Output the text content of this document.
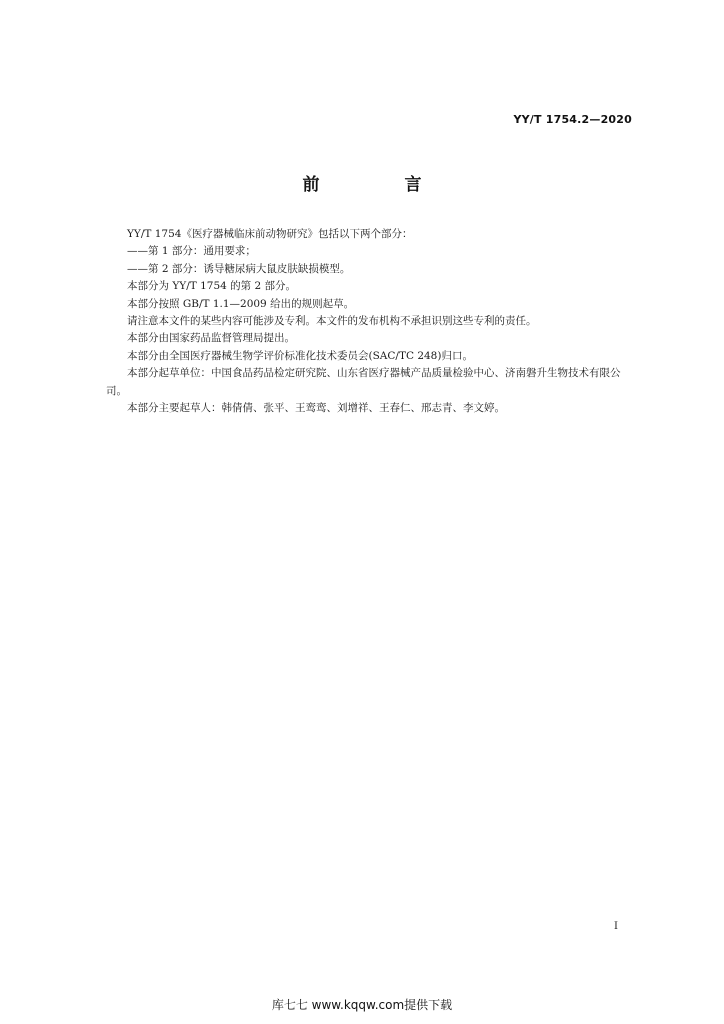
YY/T 1754.2—2020
前　言

YY/T 1754《医疗器械临床前动物研究》包括以下两个部分：

——第 1 部分：通用要求；

——第 2 部分：诱导糖尿病大鼠皮肤缺损模型。

本部分为 YY/T 1754 的第 2 部分。

本部分按照 GB/T 1.1—2009 给出的规则起草。

请注意本文件的某些内容可能涉及专利。本文件的发布机构不承担识别这些专利的责任。

本部分由国家药品监督管理局提出。

本部分由全国医疗器械生物学评价标准化技术委员会(SAC/TC 248)归口。

本部分起草单位：中国食品药品检定研究院、山东省医疗器械产品质量检验中心、济南磐升生物技术有限公司。

本部分主要起草人：韩倩倩、张平、王鸾鸾、刘增祥、王春仁、邢志青、李文婷。

I
库七七 www.kqqw.com提供下载
